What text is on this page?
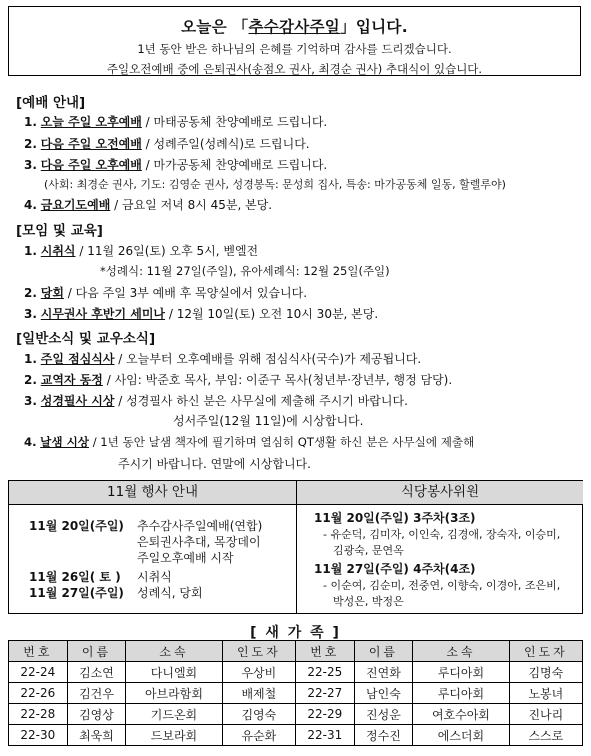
오늘은 「추수감사주일」입니다.
1년 동안 받은 하나님의 은혜를 기억하며 감사를 드리겠습니다.
주일오전예배 중에 은퇴권사(송점오 권사, 최경순 권사) 추대식이 있습니다.
[예배 안내]
1. 오늘 주일 오후예배 / 마태공동체 찬양예배로 드립니다.
2. 다음 주일 오전예배 / 성례주일(성례식)로 드립니다.
3. 다음 주일 오후예배 / 마가공동체 찬양예배로 드립니다.
(사회: 최경순 권사, 기도: 김영순 권사, 성경봉독: 문성희 집사, 특송: 마가공동체 일동, 할렐루야)
4. 금요기도예배 / 금요일 저녁 8시 45분, 본당.
[모임 및 교육]
1. 시취식 / 11월 26일(토) 오후 5시, 벧엘전
*성례식: 11월 27일(주일), 유아세례식: 12월 25일(주일)
2. 당회 / 다음 주일 3부 예배 후 목양실에서 있습니다.
3. 시무권사 후반기 세미나 / 12월 10일(토) 오전 10시 30분, 본당.
[일반소식 및 교우소식]
1. 주일 점심식사 / 오늘부터 오후예배를 위해 점심식사(국수)가 제공됩니다.
2. 교역자 동정 / 사임: 박준호 목사, 부임: 이준구 목사(청년부·장년부, 행정 담당).
3. 성경필사 시상 / 성경필사 하신 분은 사무실에 제출해 주시기 바랍니다.
성서주일(12월 11일)에 시상합니다.
4. 날샘 시상 / 1년 동안 날샘 책자에 필기하며 열심히 QT생활 하신 분은 사무실에 제출해
주시기 바랍니다. 연말에 시상합니다.
11월 행사 안내	식당봉사위원
11월 20일(주일) 추수감사주일예배(연합)
은퇴권사추대, 목장데이
주일오후예배 시작
11월 26일( 토 ) 시취식
11월 27일(주일) 성례식, 당회
11월 20일(주일) 3주차(3조)
- 유순덕, 김미자, 이인숙, 김경애, 장숙자, 이승미,
김광숙, 문연옥
11월 27일(주일) 4주차(4조)
- 이순여, 김순미, 전중연, 이향숙, 이경아, 조은비,
박성은, 박정은
[ 새 가 족 ]
번호	이름	소속	인도자	번호	이름	소속	인도자
22-24	김소연	다니엘회	우상비	22-25	진연화	루디아회	김명숙
22-26	김건우	아브라함회	배제철	22-27	남인숙	루디아회	노봉녀
22-28	김영상	기드온회	김영숙	22-29	진성운	여호수아회	진나리
22-30	최욱희	드보라회	유순화	22-31	정수진	에스더회	스스로
